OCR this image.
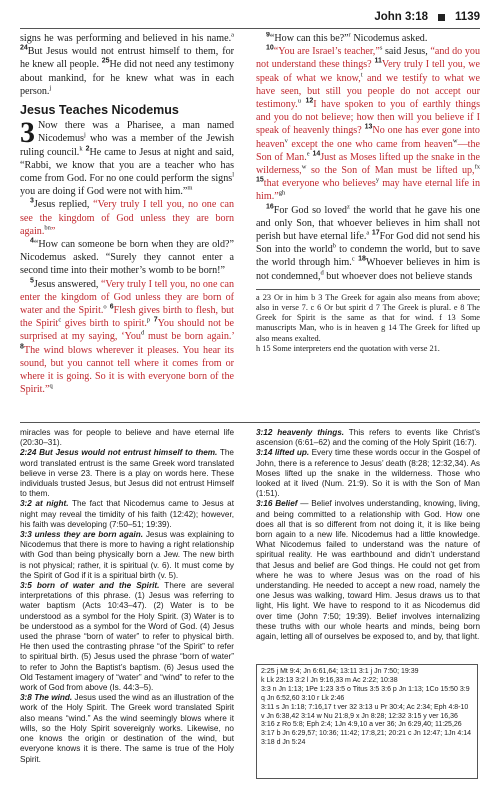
John 3:18 1139

signs he was performing and believed in his name.$^a$ $^{24}$But Jesus would not entrust himself to them, for he knew all people. $^{25}$He did not need any testimony about mankind, for he knew what was in each person.$^j$

Jesus Teaches Nicodemus

3 Now there was a Pharisee, a man named Nicodemus$^j$ who was a member of the Jewish ruling council.$^k$ $^2$He came to Jesus at night and said, “Rabbi, we know that you are a teacher who has come from God. For no one could perform the signs$^l$ you are doing if God were not with him.”$^m$

$^3$Jesus replied, “Very truly I tell you, no one can see the kingdom of God unless they are born again.$^{bn}$”

$^4$“How can someone be born when they are old?” Nicodemus asked. “Surely they cannot enter a second time into their mother’s womb to be born!”

$^5$Jesus answered, “Very truly I tell you, no one can enter the kingdom of God unless they are born of water and the Spirit.$^o$ $^6$Flesh gives birth to flesh, but the Spirit$^c$ gives birth to spirit.$^p$ $^7$You should not be surprised at my saying, ‘You$^d$ must be born again.’ $^8$The wind blows wherever it pleases. You hear its sound, but you cannot tell where it comes from or where it is going. So it is with everyone born of the Spirit.”$^q$

$^9$“How can this be?”$^r$ Nicodemus asked.

$^{10}$“You are Israel’s teacher,”$^s$ said Jesus, “and do you not understand these things? $^{11}$Very truly I tell you, we speak of what we know,$^t$ and we testify to what we have seen, but still you people do not accept our testimony.$^u$ $^{12}$I have spoken to you of earthly things and you do not believe; how then will you believe if I speak of heavenly things? $^{13}$No one has ever gone into heaven$^v$ except the one who came from heaven$^w$—the Son of Man.$^e$ $^{14}$Just as Moses lifted up the snake in the wilderness,$^w$ so the Son of Man must be lifted up,$^{fx}$ $^{15}$that everyone who believes$^y$ may have eternal life in him.”$^{gh}$

$^{16}$For God so loved$^z$ the world that he gave his one and only Son, that whoever believes in him shall not perish but have eternal life.$^a$ $^{17}$For God did not send his Son into the world$^b$ to condemn the world, but to save the world through him.$^c$ $^{18}$Whoever believes in him is not condemned,$^d$ but whoever does not believe stands

a 23 Or in him b 3 The Greek for again also means from above; also in verse 7. c 6 Or but spirit d 7 The Greek is plural. e 8 The Greek for Spirit is the same as that for wind. f 13 Some manuscripts Man, who is in heaven g 14 The Greek for lifted up also means exalted.

h 15 Some interpreters end the quotation with verse 21.

miracles was for people to believe and have eternal life (20:30–31).

2:24 But Jesus would not entrust himself to them. The word translated entrust is the same Greek word translated believe in verse 23. There is a play on words here. These individuals trusted Jesus, but Jesus did not entrust Himself to them.

3:2 at night. The fact that Nicodemus came to Jesus at night may reveal the timidity of his faith (12:42); however, his faith was developing (7:50–51; 19:39).

3:3 unless they are born again. Jesus was explaining to Nicodemus that there is more to having a right relationship with God than being physically born a Jew. The new birth is not physical; rather, it is spiritual (v. 6). It must come by the Spirit of God if it is a spiritual birth (v. 5).

3:5 born of water and the Spirit. There are several interpretations of this phrase. (1) Jesus was referring to water baptism (Acts 10:43–47). (2) Water is to be understood as a symbol for the Holy Spirit. (3) Water is to be understood as a symbol for the Word of God. (4) Jesus used the phrase “born of water” to refer to physical birth. He then used the contrasting phrase “of the Spirit” to refer to spiritual birth. (5) Jesus used the phrase “born of water” to refer to John the Baptist’s baptism. (6) Jesus used the Old Testament imagery of “water” and “wind” to refer to the work of God from above (Is. 44:3–5).

3:8 The wind. Jesus used the wind as an illustration of the work of the Holy Spirit. The Greek word translated Spirit also means “wind.” As the wind seemingly blows where it wills, so the Holy Spirit sovereignly works. Likewise, no one knows the origin or destination of the wind, but everyone knows it is there. The same is true of the Holy Spirit.

3:12 heavenly things. This refers to events like Christ’s ascension (6:61–62) and the coming of the Holy Spirit (16:7).

3:14 lifted up. Every time these words occur in the Gospel of John, there is a reference to Jesus’ death (8:28; 12:32,34). As Moses lifted up the snake in the wilderness. Those who looked at it lived (Num. 21:9). So it is with the Son of Man (1:51).

3:16 Belief — Belief involves understanding, knowing, living, and being committed to a relationship with God. How one does all that is so different from not doing it, it is like being born again to a new life. Nicodemus had a little knowledge. What Nicodemus failed to understand was the nature of spiritual reality. He was earthbound and didn’t understand that Jesus and belief are God things. He could not get from where he was to where Jesus was on the road of his understanding. He needed to accept a new road, namely the one Jesus was walking, toward Him. Jesus draws us to that light, His light. We have to respond to it as Nicodemus did over time (John 7:50; 19:39). Belief involves internalizing these truths with our whole hearts and minds, being born again, letting all of ourselves be exposed to, and by, that light.

2:25 j Mt 9:4; Jn 6:61,64; 13:11 3:1 j Jn 7:50; 19:39

k Lk 23:13 3:2 l Jn 9:16,33 m Ac 2:22; 10:38

3:3 n Jn 1:13; 1Pe 1:23 3:5 o Titus 3:5 3:6 p Jn 1:13; 1Co 15:50 3:9 q Jn 6:52,60 3:10 r Lk 2:46

3:11 s Jn 1:18; 7:16,17 t ver 32 3:13 u Pr 30:4; Ac 2:34; Eph 4:8-10 v Jn 6:38,42 3:14 w Nu 21:8,9 x Jn 8:28; 12:32 3:15 y ver 16,36 3:16 z Ro 5:8; Eph 2:4; 1Jn 4:9,10 a ver 36; Jn 6:29,40; 11:25,26 3:17 b Jn 6:29,57; 10:36; 11:42; 17:8,21; 20:21 c Jn 12:47; 1Jn 4:14

3:18 d Jn 5:24
